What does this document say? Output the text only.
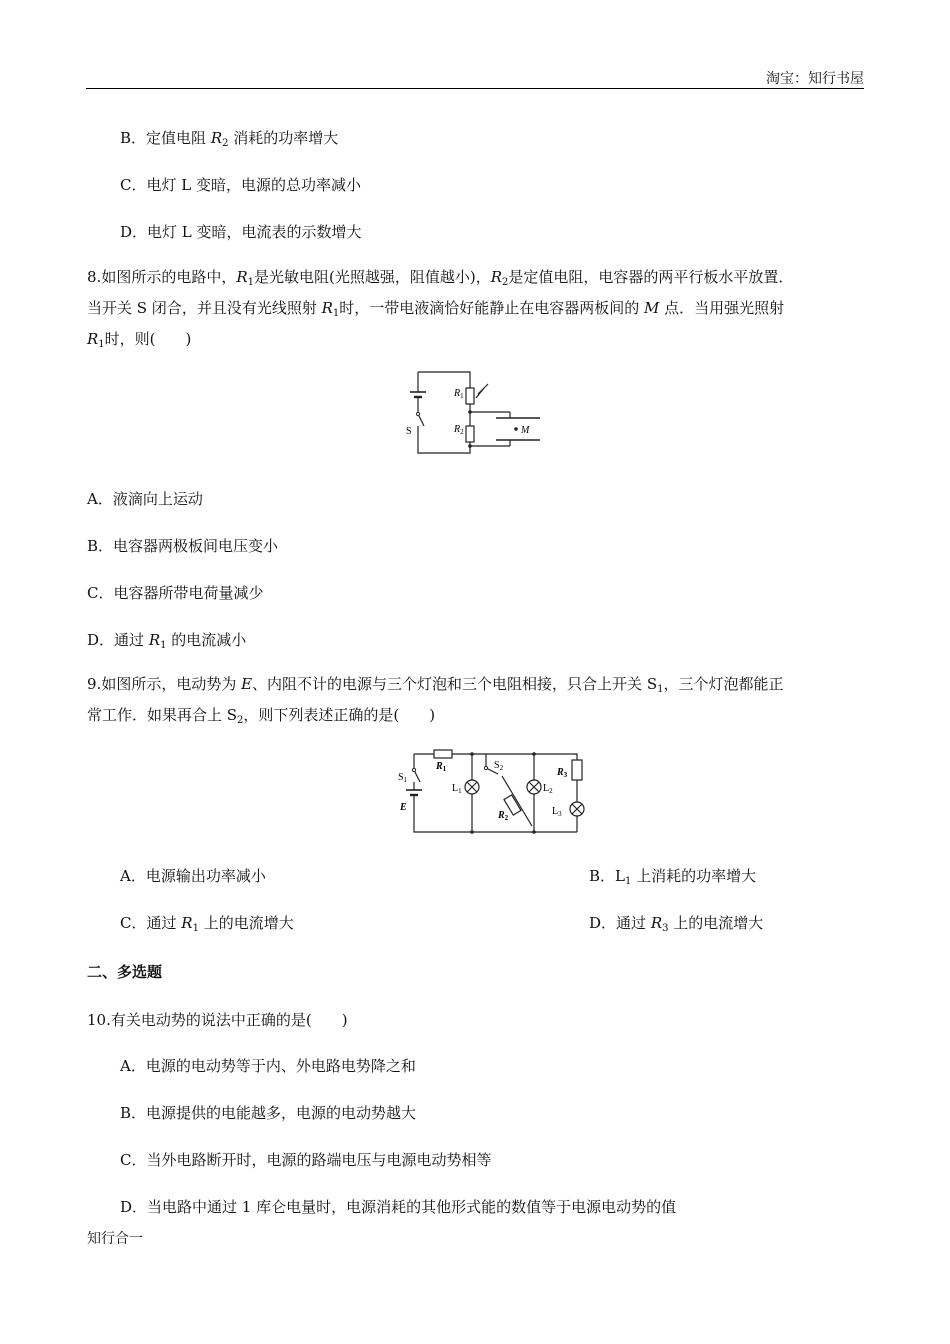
淘宝：知行书屋
B．定值电阻 $R_2$ 消耗的功率增大
C．电灯 L 变暗，电源的总功率减小
D．电灯 L 变暗，电流表的示数增大
8.如图所示的电路中，$R_1$是光敏电阻(光照越强，阻值越小)，$R_2$是定值电阻，电容器的两平行板水平放置．
当开关 S 闭合，并且没有光线照射 $R_1$时，一带电液滴恰好能静止在电容器两板间的 M 点．当用强光照射
$R_1$时，则(　　)
$R_1$
$R_2$
S	M
A．液滴向上运动
B．电容器两极板间电压变小
C．电容器所带电荷量减少
D．通过 $R_1$ 的电流减小
9.如图所示，电动势为 E、内阻不计的电源与三个灯泡和三个电阻相接，只合上开关 $S_1$，三个灯泡都能正
常工作．如果再合上 $S_2$，则下列表述正确的是(　　)
$R_1$
$S_1$
$S_2$
E
$L_1$	$L_2$
$R_3$
$L_3$
$R_2$
A．电源输出功率减小	B．$L_1$ 上消耗的功率增大
C．通过 $R_1$ 上的电流增大	D．通过 $R_3$ 上的电流增大
二、多选题
10.有关电动势的说法中正确的是(　　)
A．电源的电动势等于内、外电路电势降之和
B．电源提供的电能越多，电源的电动势越大
C．当外电路断开时，电源的路端电压与电源电动势相等
D．当电路中通过 1 库仑电量时，电源消耗的其他形式能的数值等于电源电动势的值
知行合一
